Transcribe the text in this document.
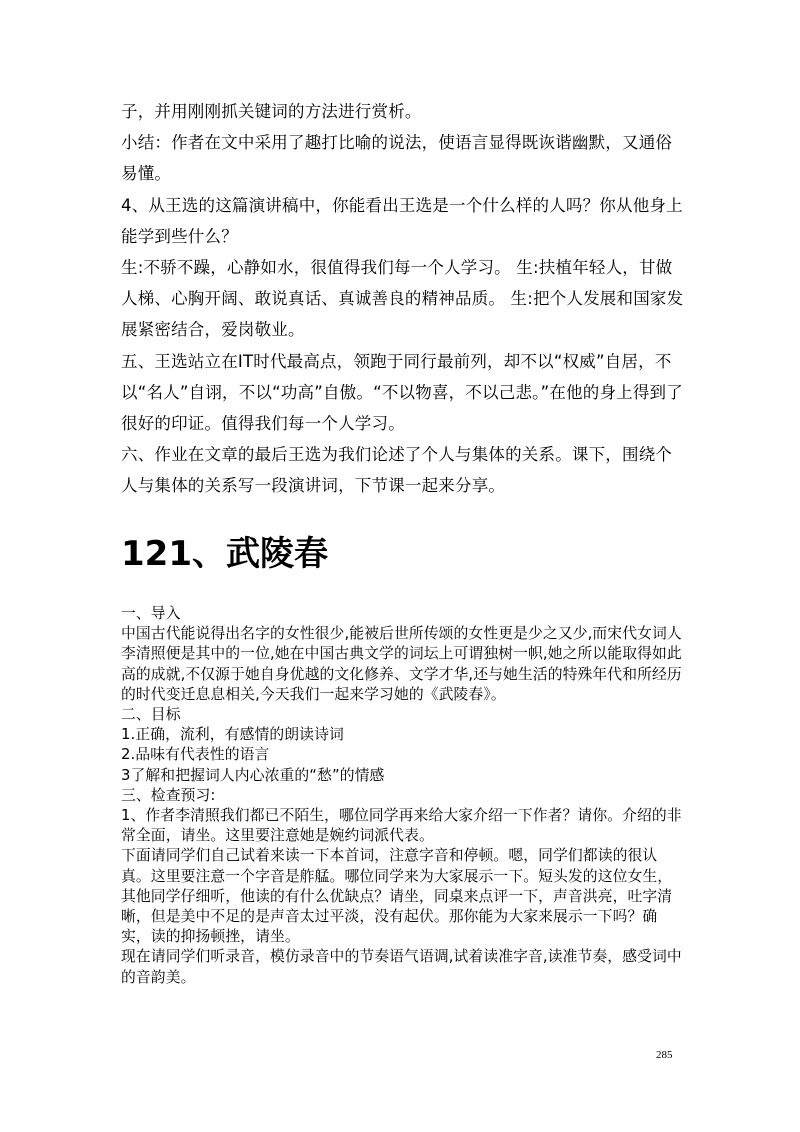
子，并用刚刚抓关键词的方法进行赏析。

小结：作者在文中采用了趣打比喻的说法，使语言显得既诙谐幽默，又通俗易懂。

4、从王选的这篇演讲稿中，你能看出王选是一个什么样的人吗？你从他身上能学到些什么？

生:不骄不躁，心静如水，很值得我们每一个人学习。 生:扶植年轻人，甘做人梯、心胸开阔、敢说真话、真诚善良的精神品质。 生:把个人发展和国家发展紧密结合，爱岗敬业。

五、王选站立在IT时代最高点，领跑于同行最前列，却不以“权威”自居，不以“名人”自诩，不以“功高”自傲。“不以物喜，不以己悲。”在他的身上得到了很好的印证。值得我们每一个人学习。

六、作业在文章的最后王选为我们论述了个人与集体的关系。课下，围绕个人与集体的关系写一段演讲词，下节课一起来分享。

121、武陵春

一、导入

中国古代能说得出名字的女性很少,能被后世所传颂的女性更是少之又少,而宋代女词人李清照便是其中的一位,她在中国古典文学的词坛上可谓独树一帜,她之所以能取得如此高的成就,不仅源于她自身优越的文化修养、文学才华,还与她生活的特殊年代和所经历的时代变迁息息相关,今天我们一起来学习她的《武陵春》。

二、目标

1.正确，流利，有感情的朗读诗词

2.品味有代表性的语言

3了解和把握词人内心浓重的“愁”的情感

三、检查预习:

1、作者李清照我们都已不陌生，哪位同学再来给大家介绍一下作者？请你。介绍的非常全面，请坐。这里要注意她是婉约词派代表。

下面请同学们自己试着来读一下本首词，注意字音和停顿。嗯，同学们都读的很认真。这里要注意一个字音是舴艋。哪位同学来为大家展示一下。短头发的这位女生，其他同学仔细听，他读的有什么优缺点？请坐，同桌来点评一下，声音洪亮，吐字清晰，但是美中不足的是声音太过平淡，没有起伏。那你能为大家来展示一下吗？确实，读的抑扬顿挫，请坐。

现在请同学们听录音，模仿录音中的节奏语气语调,试着读准字音,读准节奏，感受词中的音韵美。

285
